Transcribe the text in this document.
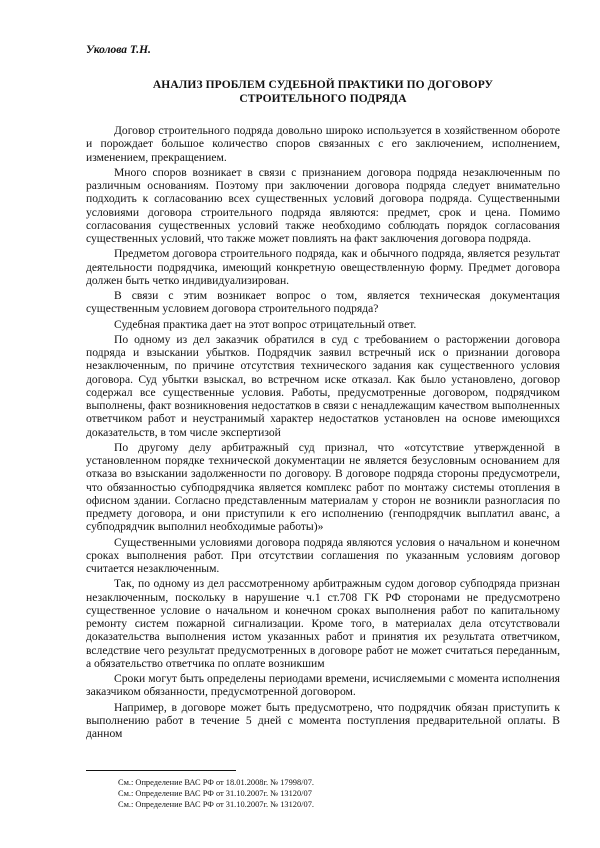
Уколова Т.Н.

АНАЛИЗ ПРОБЛЕМ СУДЕБНОЙ ПРАКТИКИ ПО ДОГОВОРУ
СТРОИТЕЛЬНОГО ПОДРЯДА

Договор строительного подряда довольно широко используется в хозяйственном обороте и порождает большое количество споров связанных с его заключением, исполнением, изменением, прекращением.

Много споров возникает в связи с признанием договора подряда незаключенным по различным основаниям. Поэтому при заключении договора подряда следует внимательно подходить к согласованию всех существенных условий договора подряда. Существенными условиями договора строительного подряда являются: предмет, срок и цена. Помимо согласования существенных условий также необходимо соблюдать порядок согласования существенных условий, что также может повлиять на факт заключения договора подряда.

Предметом договора строительного подряда, как и обычного подряда, является результат деятельности подрядчика, имеющий конкретную овеществленную форму. Предмет договора должен быть четко индивидуализирован.

В связи с этим возникает вопрос о том, является техническая документация существенным условием договора строительного подряда?

Судебная практика дает на этот вопрос отрицательный ответ.

По одному из дел заказчик обратился в суд с требованием о расторжении договора подряда и взыскании убытков. Подрядчик заявил встречный иск о признании договора незаключенным, по причине отсутствия технического задания как существенного условия договора. Суд убытки взыскал, во встречном иске отказал. Как было установлено, договор содержал все существенные условия. Работы, предусмотренные договором, подрядчиком выполнены, факт возникновения недостатков в связи с ненадлежащим качеством выполненных ответчиком работ и неустранимый характер недостатков установлен на основе имеющихся доказательств, в том числе экспертизой

По другому делу арбитражный суд признал, что «отсутствие утвержденной в установленном порядке технической документации не является безусловным основанием для отказа во взыскании задолженности по договору. В договоре подряда стороны предусмотрели, что обязанностью субподрядчика является комплекс работ по монтажу системы отопления в офисном здании. Согласно представленным материалам у сторон не возникли разногласия по предмету договора, и они приступили к его исполнению (генподрядчик выплатил аванс, а субподрядчик выполнил необходимые работы)»

Существенными условиями договора подряда являются условия о начальном и конечном сроках выполнения работ. При отсутствии соглашения по указанным условиям договор считается незаключенным.

Так, по одному из дел рассмотренному арбитражным судом договор субподряда признан незаключенным, поскольку в нарушение ч.1 ст.708 ГК РФ сторонами не предусмотрено существенное условие о начальном и конечном сроках выполнения работ по капитальному ремонту систем пожарной сигнализации. Кроме того, в материалах дела отсутствовали доказательства выполнения истом указанных работ и принятия их результата ответчиком, вследствие чего результат предусмотренных в договоре работ не может считаться переданным, а обязательство ответчика по оплате возникшим

Сроки могут быть определены периодами времени, исчисляемыми с момента исполнения заказчиком обязанности, предусмотренной договором.

Например, в договоре может быть предусмотрено, что подрядчик обязан приступить к выполнению работ в течение 5 дней с момента поступления предварительной оплаты. В данном

См.: Определение ВАС РФ от 18.01.2008г. № 17998/07.

См.: Определение ВАС РФ от 31.10.2007г. № 13120/07

См.: Определение ВАС РФ от 31.10.2007г. № 13120/07.
